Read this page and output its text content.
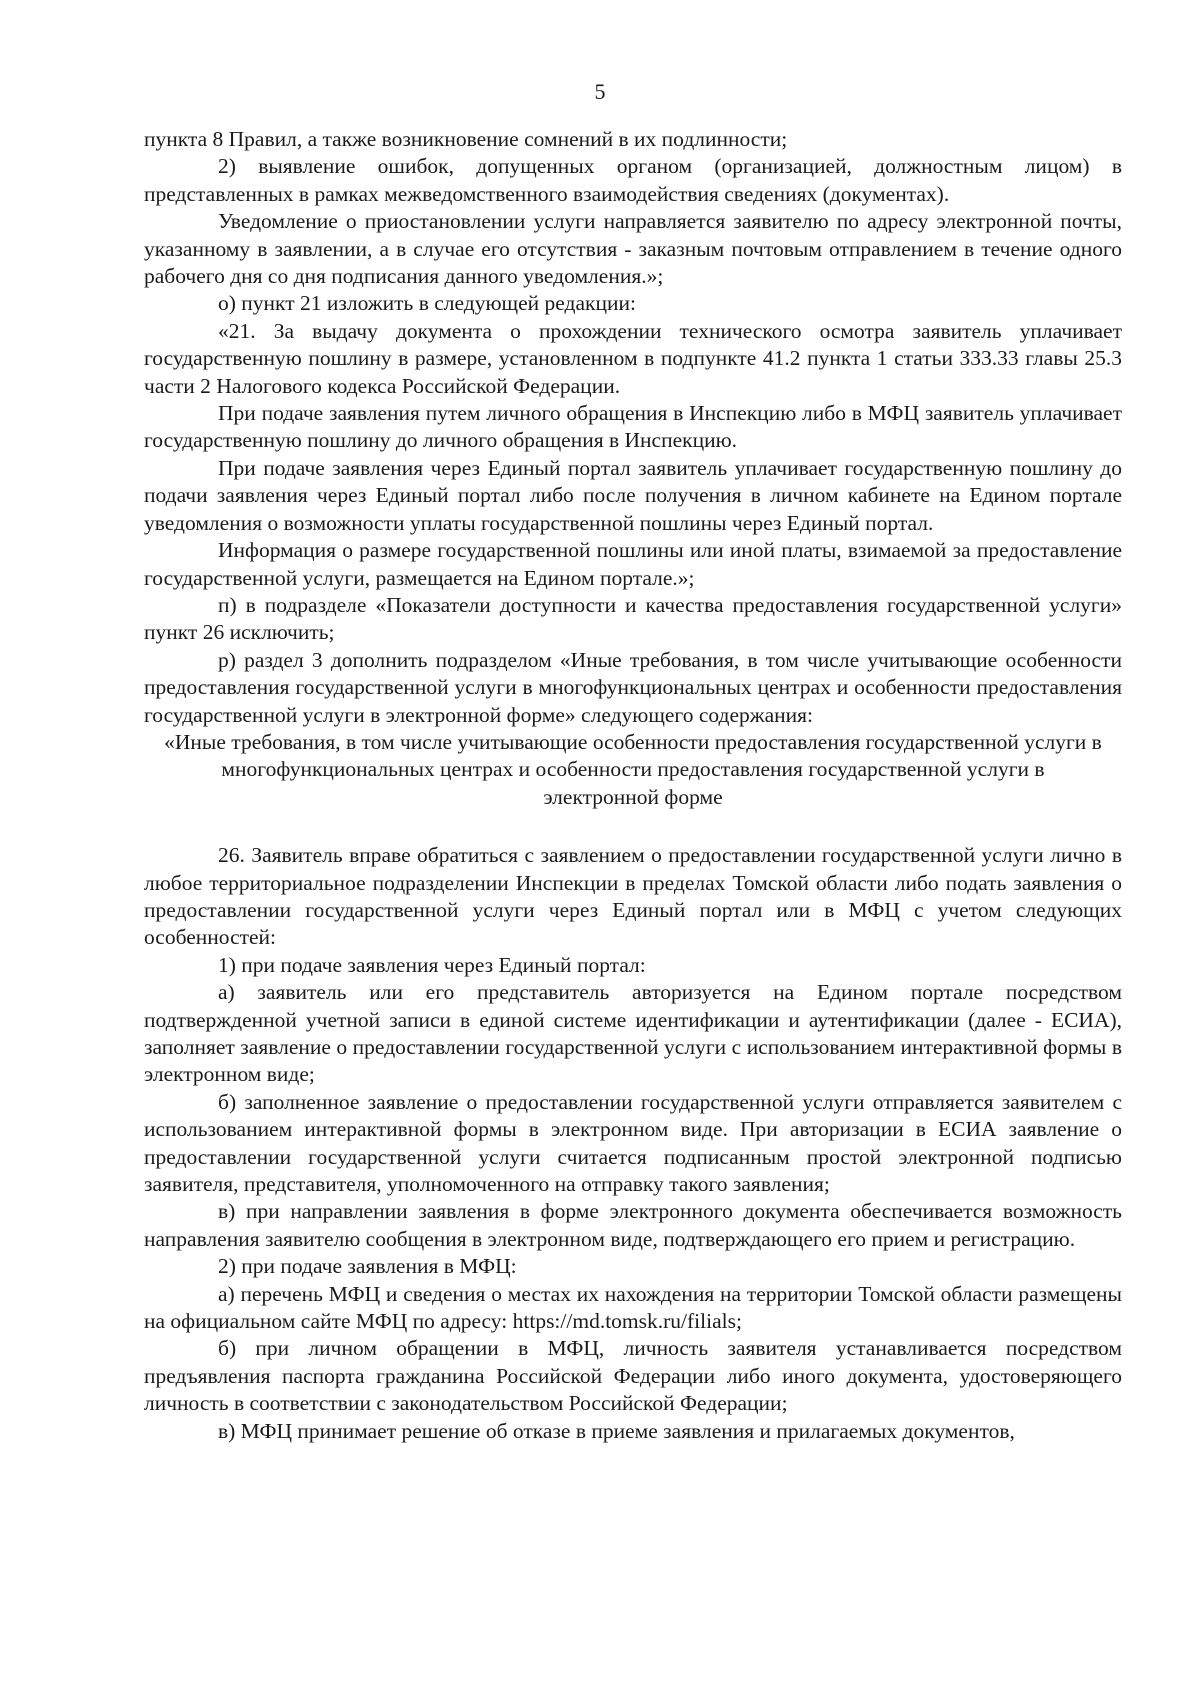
5

пункта 8 Правил, а также возникновение сомнений в их подлинности;

2) выявление ошибок, допущенных органом (организацией, должностным лицом) в представленных в рамках межведомственного взаимодействия сведениях (документах).

Уведомление о приостановлении услуги направляется заявителю по адресу электронной почты, указанному в заявлении, а в случае его отсутствия - заказным почтовым отправлением в течение одного рабочего дня со дня подписания данного уведомления.»;

о) пункт 21 изложить в следующей редакции:

«21. За выдачу документа о прохождении технического осмотра заявитель уплачивает государственную пошлину в размере, установленном в подпункте 41.2 пункта 1 статьи 333.33 главы 25.3 части 2 Налогового кодекса Российской Федерации.

При подаче заявления путем личного обращения в Инспекцию либо в МФЦ заявитель уплачивает государственную пошлину до личного обращения в Инспекцию.

При подаче заявления через Единый портал заявитель уплачивает государственную пошлину до подачи заявления через Единый портал либо после получения в личном кабинете на Едином портале уведомления о возможности уплаты государственной пошлины через Единый портал.

Информация о размере государственной пошлины или иной платы, взимаемой за предоставление государственной услуги, размещается на Едином портале.»;

п) в подразделе «Показатели доступности и качества предоставления государственной услуги» пункт 26 исключить;

р) раздел 3 дополнить подразделом «Иные требования, в том числе учитывающие особенности предоставления государственной услуги в многофункциональных центрах и особенности предоставления государственной услуги в электронной форме» следующего содержания:

«Иные требования, в том числе учитывающие особенности предоставления государственной услуги в многофункциональных центрах и особенности предоставления государственной услуги в электронной форме

26. Заявитель вправе обратиться с заявлением о предоставлении государственной услуги лично в любое территориальное подразделении Инспекции в пределах Томской области либо подать заявления о предоставлении государственной услуги через Единый портал или в МФЦ с учетом следующих особенностей:

1) при подаче заявления через Единый портал:

а) заявитель или его представитель авторизуется на Едином портале посредством подтвержденной учетной записи в единой системе идентификации и аутентификации (далее - ЕСИА), заполняет заявление о предоставлении государственной услуги с использованием интерактивной формы в электронном виде;

б) заполненное заявление о предоставлении государственной услуги отправляется заявителем с использованием интерактивной формы в электронном виде. При авторизации в ЕСИА заявление о предоставлении государственной услуги считается подписанным простой электронной подписью заявителя, представителя, уполномоченного на отправку такого заявления;

в) при направлении заявления в форме электронного документа обеспечивается возможность направления заявителю сообщения в электронном виде, подтверждающего его прием и регистрацию.

2) при подаче заявления в МФЦ:

а) перечень МФЦ и сведения о местах их нахождения на территории Томской области размещены на официальном сайте МФЦ по адресу: https://md.tomsk.ru/filials;

б) при личном обращении в МФЦ, личность заявителя устанавливается посредством предъявления паспорта гражданина Российской Федерации либо иного документа, удостоверяющего личность в соответствии с законодательством Российской Федерации;

в) МФЦ принимает решение об отказе в приеме заявления и прилагаемых документов,
